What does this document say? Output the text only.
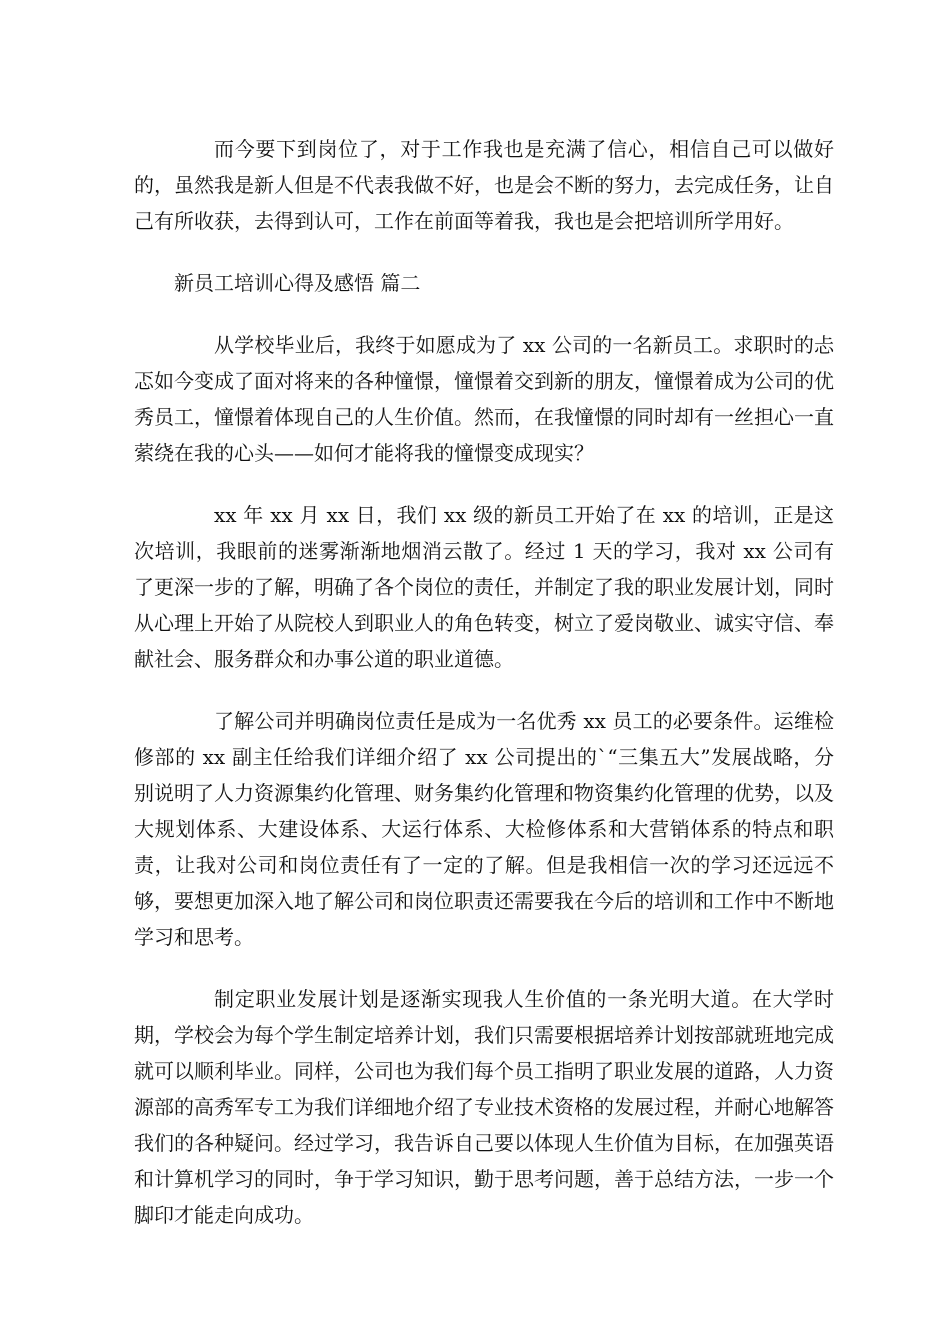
而今要下到岗位了，对于工作我也是充满了信心，相信自己可以做好的，虽然我是新人但是不代表我做不好，也是会不断的努力，去完成任务，让自己有所收获，去得到认可，工作在前面等着我，我也是会把培训所学用好。

新员工培训心得及感悟 篇二

从学校毕业后，我终于如愿成为了 xx 公司的一名新员工。求职时的忐忑如今变成了面对将来的各种憧憬，憧憬着交到新的朋友，憧憬着成为公司的优秀员工，憧憬着体现自己的人生价值。然而，在我憧憬的同时却有一丝担心一直萦绕在我的心头——如何才能将我的憧憬变成现实？

xx 年 xx 月 xx 日，我们 xx 级的新员工开始了在 xx 的培训，正是这次培训，我眼前的迷雾渐渐地烟消云散了。经过 1 天的学习，我对 xx 公司有了更深一步的了解，明确了各个岗位的责任，并制定了我的职业发展计划，同时从心理上开始了从院校人到职业人的角色转变，树立了爱岗敬业、诚实守信、奉献社会、服务群众和办事公道的职业道德。

了解公司并明确岗位责任是成为一名优秀 xx 员工的必要条件。运维检修部的 xx 副主任给我们详细介绍了 xx 公司提出的`“三集五大”发展战略，分别说明了人力资源集约化管理、财务集约化管理和物资集约化管理的优势，以及大规划体系、大建设体系、大运行体系、大检修体系和大营销体系的特点和职责，让我对公司和岗位责任有了一定的了解。但是我相信一次的学习还远远不够，要想更加深入地了解公司和岗位职责还需要我在今后的培训和工作中不断地学习和思考。

制定职业发展计划是逐渐实现我人生价值的一条光明大道。在大学时期，学校会为每个学生制定培养计划，我们只需要根据培养计划按部就班地完成就可以顺利毕业。同样，公司也为我们每个员工指明了职业发展的道路，人力资源部的高秀军专工为我们详细地介绍了专业技术资格的发展过程，并耐心地解答我们的各种疑问。经过学习，我告诉自己要以体现人生价值为目标，在加强英语和计算机学习的同时，争于学习知识，勤于思考问题，善于总结方法，一步一个脚印才能走向成功。
